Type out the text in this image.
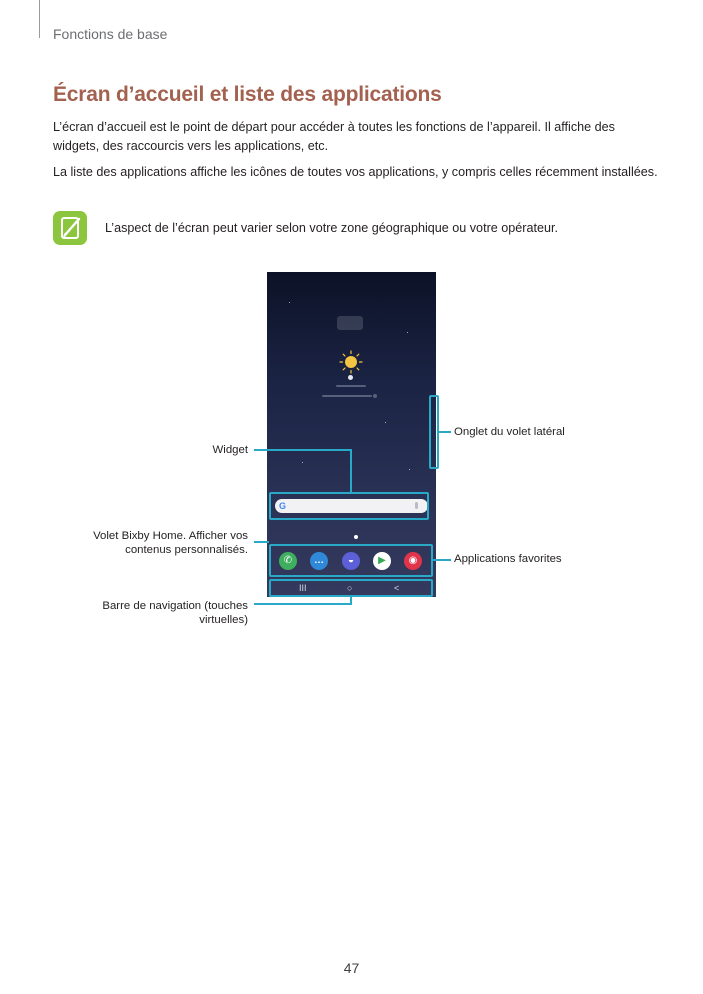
Fonctions de base
Écran d’accueil et liste des applications

L’écran d’accueil est le point de départ pour accéder à toutes les fonctions de l’appareil. Il affiche des widgets, des raccourcis vers les applications, etc.

La liste des applications affiche les icônes de toutes vos applications, y compris celles récemment installées.

L’aspect de l’écran peut varier selon votre zone géographique ou votre opérateur.
G
✆	…	◒	▶	◉
III	○	<
Onglet du volet latéral
Widget
Volet Bixby Home. Afficher vos
contenus personnalisés.
Applications favorites
Barre de navigation (touches
virtuelles)
47
